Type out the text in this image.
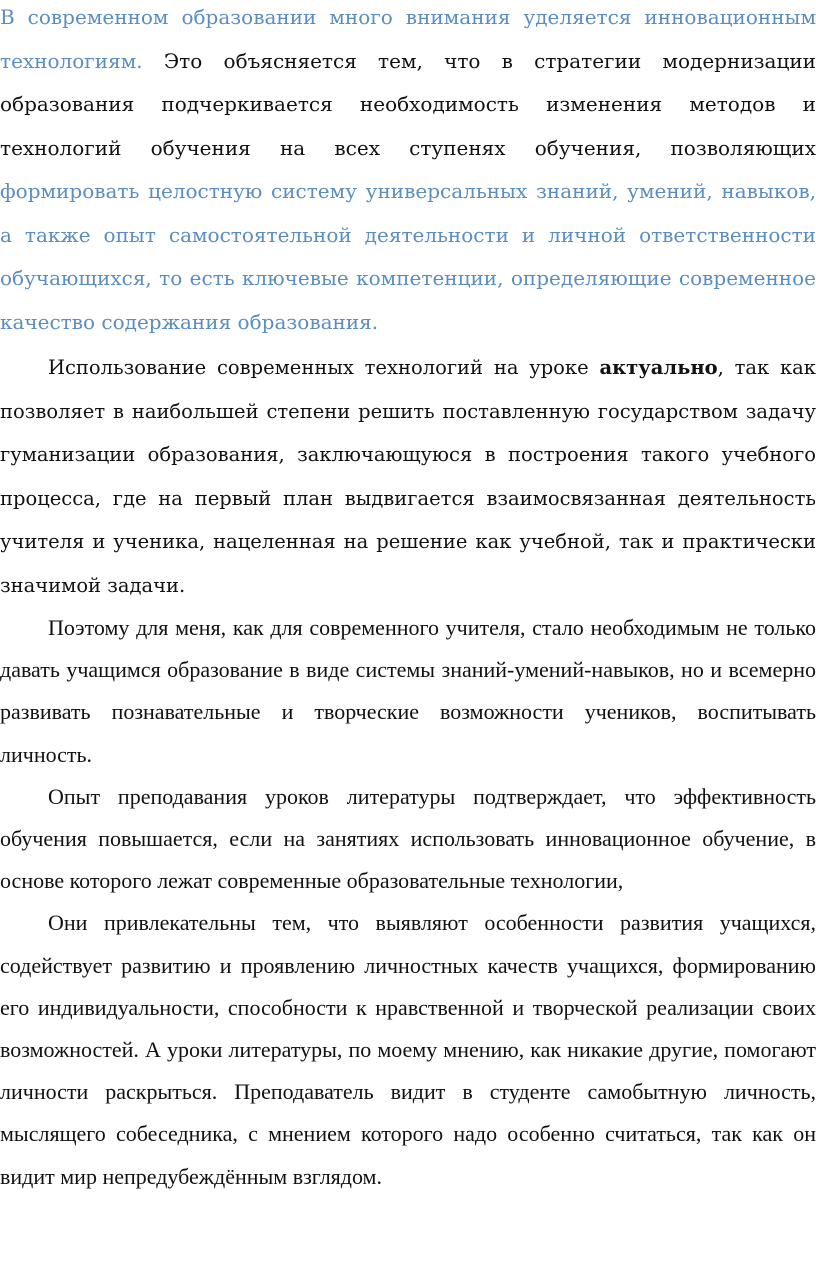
В современном образовании много внимания уделяется инновационным технологиям. Это объясняется тем, что в стратегии модернизации образования подчеркивается необходимость изменения методов и технологий обучения на всех ступенях обучения, позволяющих формировать целостную систему универсальных знаний, умений, навыков, а также опыт самостоятельной деятельности и личной ответственности обучающихся, то есть ключевые компетенции, определяющие современное качество содержания образования.

Использование современных технологий на уроке актуально, так как позволяет в наибольшей степени решить поставленную государством задачу гуманизации образования, заключающуюся в построения такого учебного процесса, где на первый план выдвигается взаимосвязанная деятельность учителя и ученика, нацеленная на решение как учебной, так и практически значимой задачи.

Поэтому для меня, как для современного учителя, стало необходимым не только давать учащимся образование в виде системы знаний-умений-навыков, но и всемерно развивать познавательные и творческие возможности учеников, воспитывать личность.

Опыт преподавания уроков литературы подтверждает, что эффективность обучения повышается, если на занятиях использовать инновационное обучение, в основе которого лежат современные образовательные технологии,

Они привлекательны тем, что выявляют особенности развития учащихся, содействует развитию и проявлению личностных качеств учащихся, формированию его индивидуальности, способности к нравственной и творческой реализации своих возможностей. А уроки литературы, по моему мнению, как никакие другие, помогают личности раскрыться. Преподаватель видит в студенте самобытную личность, мыслящего собеседника, с мнением которого надо особенно считаться, так как он видит мир непредубеждённым взглядом.
